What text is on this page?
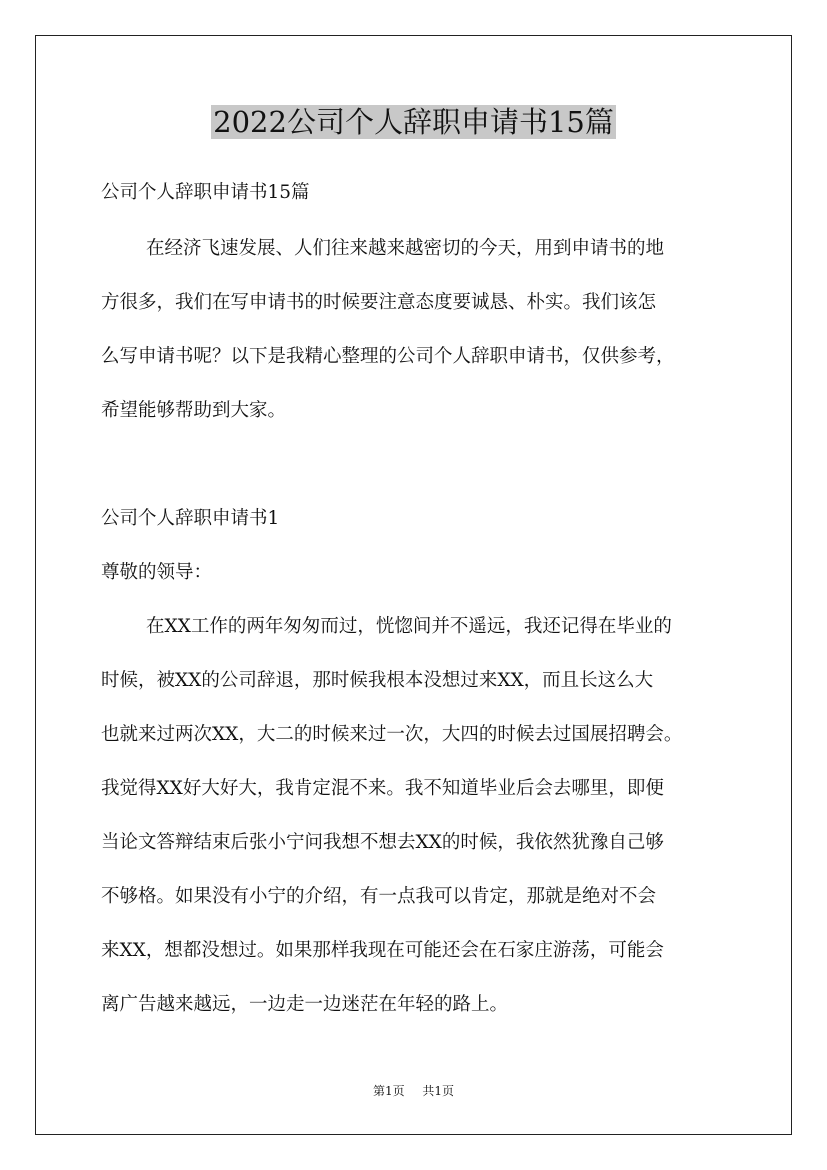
2022公司个人辞职申请书15篇

公司个人辞职申请书15篇

在经济飞速发展、人们往来越来越密切的今天，用到申请书的地

方很多，我们在写申请书的时候要注意态度要诚恳、朴实。我们该怎

么写申请书呢？以下是我精心整理的公司个人辞职申请书，仅供参考，

希望能够帮助到大家。

公司个人辞职申请书1

尊敬的领导：

在XX工作的两年匆匆而过，恍惚间并不遥远，我还记得在毕业的

时候，被XX的公司辞退，那时候我根本没想过来XX，而且长这么大

也就来过两次XX，大二的时候来过一次，大四的时候去过国展招聘会。

我觉得XX好大好大，我肯定混不来。我不知道毕业后会去哪里，即便

当论文答辩结束后张小宁问我想不想去XX的时候，我依然犹豫自己够

不够格。如果没有小宁的介绍，有一点我可以肯定，那就是绝对不会

来XX，想都没想过。如果那样我现在可能还会在石家庄游荡，可能会

离广告越来越远，一边走一边迷茫在年轻的路上。

第1页 共1页
